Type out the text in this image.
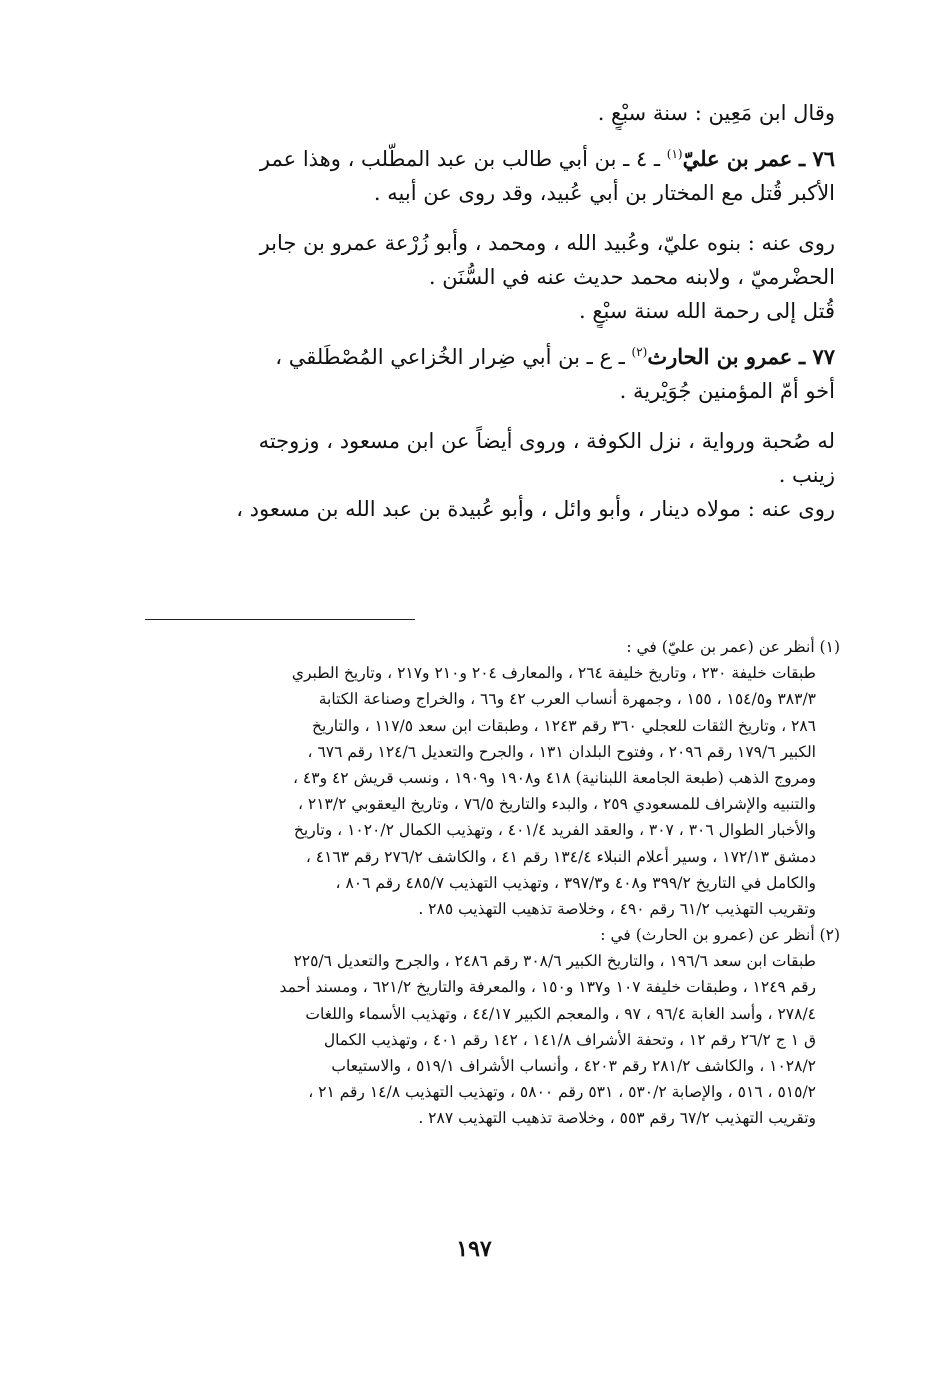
وقال ابن مَعِين : سنة سبْعٍ .
٧٦ ـ عمر بن عليّ$^{(١)}$ ـ ٤ ـ بن أبي طالب بن عبد المطّلب ، وهذا عمر
الأكبر قُتل مع المختار بن أبي عُبيد، وقد روى عن أبيه .
روى عنه : بنوه عليّ، وعُبيد الله ، ومحمد ، وأبو زُرْعة عمرو بن جابر
الحضْرميّ ، ولابنه محمد حديث عنه في السُّنَن .
قُتل إلى رحمة الله سنة سبْعٍ .
٧٧ ـ عمرو بن الحارث$^{(٢)}$ ـ ع ـ بن أبي ضِرار الخُزاعي المُصْطَلقي ،
أخو أمّ المؤمنين جُوَيْرية .
له صُحبة ورواية ، نزل الكوفة ، وروى أيضاً عن ابن مسعود ، وزوجته
زينب .
روى عنه : مولاه دينار ، وأبو وائل ، وأبو عُبيدة بن عبد الله بن مسعود ،
(١) أنظر عن (عمر بن عليّ) في :
طبقات خليفة ٢٣٠ ، وتاريخ خليفة ٢٦٤ ، والمعارف ٢٠٤ و٢١٠ و٢١٧ ، وتاريخ الطبري
٣٨٣/٣ و١٥٤/٥ ، ١٥٥ ، وجمهرة أنساب العرب ٤٢ و٦٦ ، والخراج وصناعة الكتابة
٢٨٦ ، وتاريخ الثقات للعجلي ٣٦٠ رقم ١٢٤٣ ، وطبقات ابن سعد ١١٧/٥ ، والتاريخ
الكبير ١٧٩/٦ رقم ٢٠٩٦ ، وفتوح البلدان ١٣١ ، والجرح والتعديل ١٢٤/٦ رقم ٦٧٦ ،
ومروج الذهب (طبعة الجامعة اللبنانية) ٤١٨ و١٩٠٨ و١٩٠٩ ، ونسب قريش ٤٢ و٤٣ ،
والتنبيه والإشراف للمسعودي ٢٥٩ ، والبدء والتاريخ ٧٦/٥ ، وتاريخ اليعقوبي ٢١٣/٢ ،
والأخبار الطوال ٣٠٦ ، ٣٠٧ ، والعقد الفريد ٤٠١/٤ ، وتهذيب الكمال ١٠٢٠/٢ ، وتاريخ
دمشق ١٧٢/١٣ ، وسير أعلام النبلاء ١٣٤/٤ رقم ٤١ ، والكاشف ٢٧٦/٢ رقم ٤١٦٣ ،
والكامل في التاريخ ٣٩٩/٢ و٤٠٨ و٣٩٧/٣ ، وتهذيب التهذيب ٤٨٥/٧ رقم ٨٠٦ ،
وتقريب التهذيب ٦١/٢ رقم ٤٩٠ ، وخلاصة تذهيب التهذيب ٢٨٥ .
(٢) أنظر عن (عمرو بن الحارث) في :
طبقات ابن سعد ١٩٦/٦ ، والتاريخ الكبير ٣٠٨/٦ رقم ٢٤٨٦ ، والجرح والتعديل ٢٢٥/٦
رقم ١٢٤٩ ، وطبقات خليفة ١٠٧ و١٣٧ و١٥٠ ، والمعرفة والتاريخ ٦٢١/٢ ، ومسند أحمد
٢٧٨/٤ ، وأسد الغابة ٩٦/٤ ، ٩٧ ، والمعجم الكبير ٤٤/١٧ ، وتهذيب الأسماء واللغات
ق ١ ج ٢٦/٢ رقم ١٢ ، وتحفة الأشراف ١٤١/٨ ، ١٤٢ رقم ٤٠١ ، وتهذيب الكمال
١٠٢٨/٢ ، والكاشف ٢٨١/٢ رقم ٤٢٠٣ ، وأنساب الأشراف ٥١٩/١ ، والاستيعاب
٥١٥/٢ ، ٥١٦ ، والإصابة ٥٣٠/٢ ، ٥٣١ رقم ٥٨٠٠ ، وتهذيب التهذيب ١٤/٨ رقم ٢١ ،
وتقريب التهذيب ٦٧/٢ رقم ٥٥٣ ، وخلاصة تذهيب التهذيب ٢٨٧ .
١٩٧
